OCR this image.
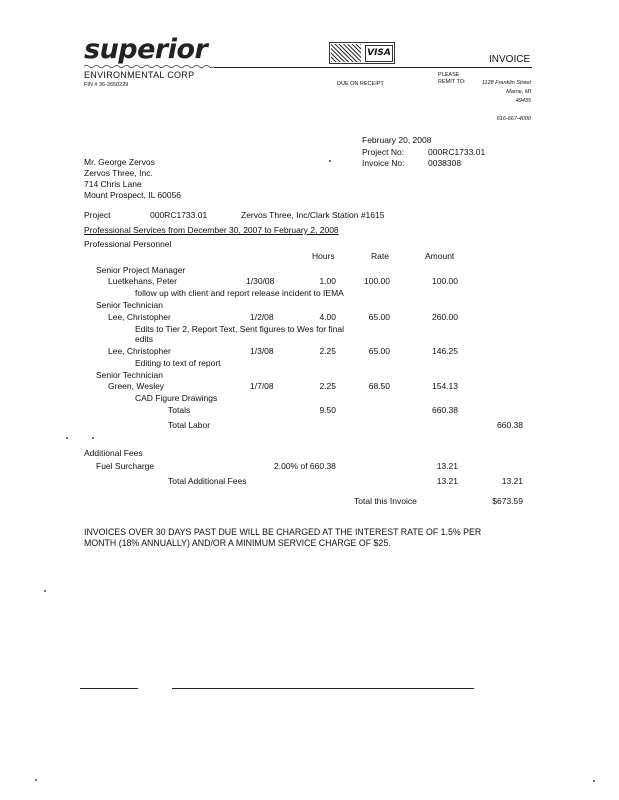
superior
ENVIRONMENTAL CORP
FIN # 36-3650229
VISA
INVOICE
DUE ON RECEIPT
PLEASE
REMIT TO:	1128 Franklin Street
Marne, MI
49435
616-667-4000
February 20, 2008
Project No:	000RC1733.01
Invoice No:	0038308
Mr. George Zervos
Zervos Three, Inc.
714 Chris Lane
Mount Prospect, IL 60056
Project	000RC1733.01	Zervos Three, Inc/Clark Station #1615
Professional Services from December 30, 2007 to February 2, 2008
Professional Personnel
Hours	Rate	Amount
Senior Project Manager
Luetkehans, Peter	1/30/08	1.00	100.00	100.00
follow up with client and report release incident to IEMA
Senior Technician
Lee, Christopher	1/2/08	4.00	65.00	260.00
Edits to Tier 2, Report Text, Sent figures to Wes for final
edits
Lee, Christopher	1/3/08	2.25	65.00	146.25
Editing to text of report
Senior Technician
Green, Wesley	1/7/08	2.25	68.50	154.13
CAD Figure Drawings
Totals	9.50	660.38
Total Labor	660.38
Additional Fees
Fuel Surcharge	2.00% of 660.38	13.21
Total Additional Fees	13.21	13.21
Total this Invoice	$673.59
INVOICES OVER 30 DAYS PAST DUE WILL BE CHARGED AT THE INTEREST RATE OF 1.5% PER
MONTH (18% ANNUALLY) AND/OR A MINIMUM SERVICE CHARGE OF $25.
